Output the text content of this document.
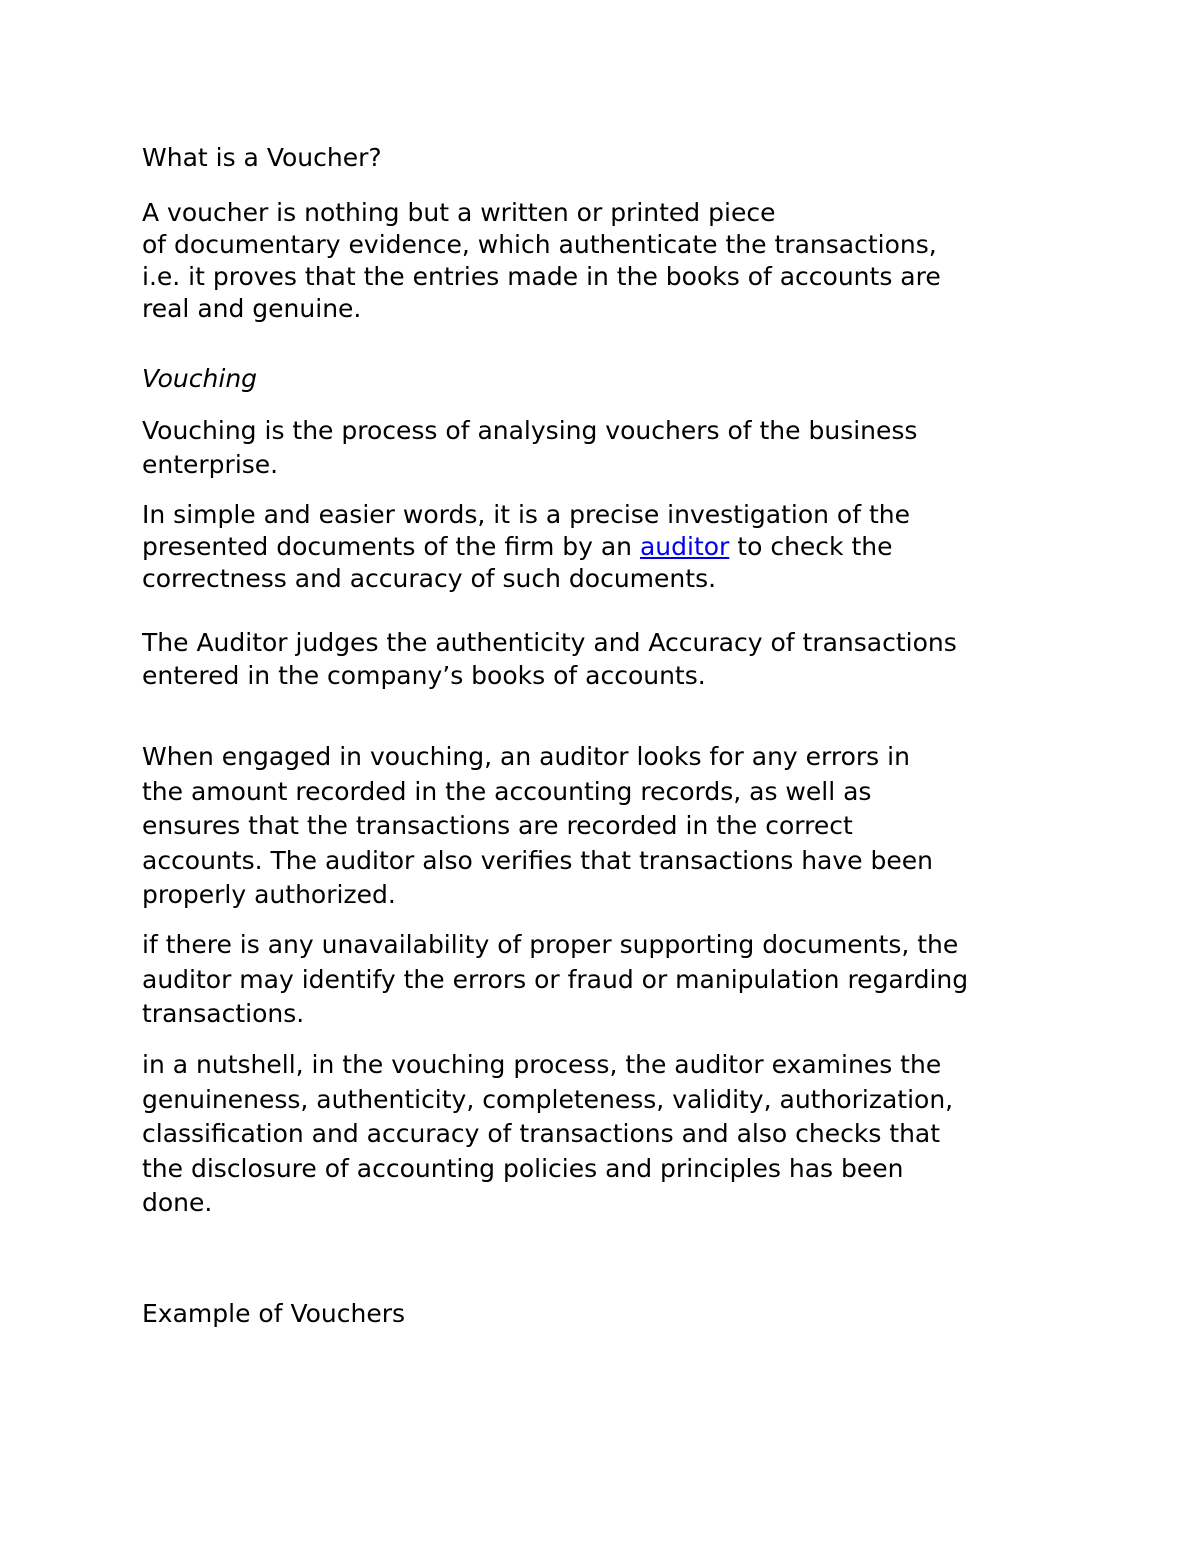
What is a Voucher?
A voucher is nothing but a written or printed piece
of documentary evidence, which authenticate the transactions,
i.e. it proves that the entries made in the books of accounts are
real and genuine.
Vouching
Vouching is the process of analysing vouchers of the business
enterprise.
In simple and easier words, it is a precise investigation of the
presented documents of the firm by an auditor to check the
correctness and accuracy of such documents.
The Auditor judges the authenticity and Accuracy of transactions
entered in the company’s books of accounts.
When engaged in vouching, an auditor looks for any errors in
the amount recorded in the accounting records, as well as
ensures that the transactions are recorded in the correct
accounts. The auditor also verifies that transactions have been
properly authorized.
if there is any unavailability of proper supporting documents, the
auditor may identify the errors or fraud or manipulation regarding
transactions.
in a nutshell, in the vouching process, the auditor examines the
genuineness, authenticity, completeness, validity, authorization,
classification and accuracy of transactions and also checks that
the disclosure of accounting policies and principles has been
done.
Example of Vouchers
